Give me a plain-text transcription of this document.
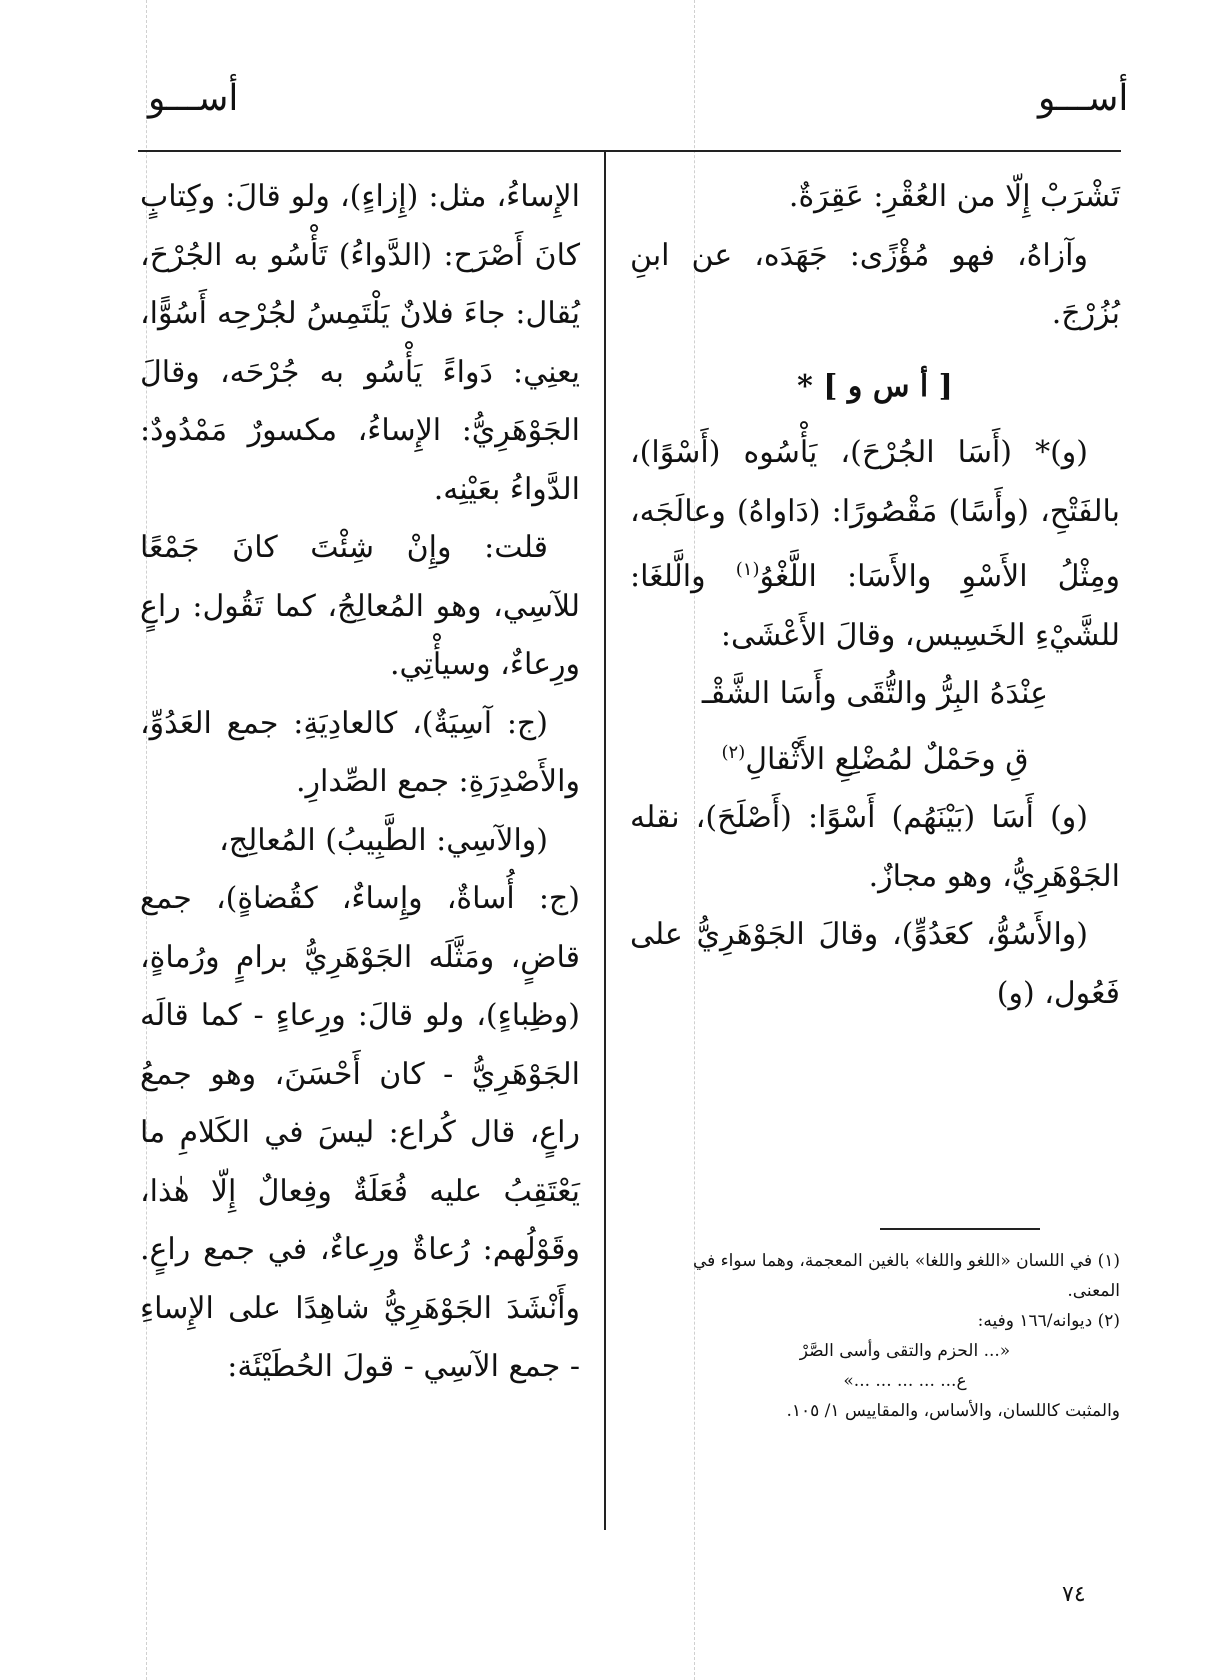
أســـو
أســـو

تَشْرَبْ إِلّا من العُقْرِ: عَقِرَةٌ.

وآزاهُ، فهو مُؤْزًى: جَهَدَه، عن ابنِ بُزُرْجَ.

[ أ س و ] *

(و)* (أَسَا الجُرْحَ)، يَأْسُوه (أَسْوًا)، بالفَتْحِ، (وأَسًا) مَقْصُورًا: (دَاواهُ) وعالَجَه، ومِثْلُ الأَسْوِ والأَسَا: اللَّغْوُ$^{(١)}$ والَّلغَا: للشَّيْءِ الخَسِيس، وقالَ الأَعْشَى:

عِنْدَهُ البِرُّ والتُّقَى وأَسَا الشَّقْـ

قِ وحَمْلٌ لمُضْلِعِ الأَثْقالِ$^{(٢)}$

(و) أَسَا (بَيْنَهُم) أَسْوًا: (أَصْلَحَ)، نقله الجَوْهَرِيُّ، وهو مجازٌ.

(والأَسُوُّ، كعَدُوٍّ)، وقالَ الجَوْهَرِيُّ على فَعُول، (و)

(١) في اللسان «اللغو واللغا» بالغين المعجمة، وهما سواء في المعنى.

(٢) ديوانه/١٦٦ وفيه:

«... الحزم والتقى وأسى الصَّرْ

ع... ... ... ... ...»

والمثبت كاللسان، والأساس، والمقاييس ١/ ١٠٥.

الإِساءُ، مثل: (إِزاءٍ)، ولو قالَ: وكِتابٍ كانَ أَصْرَح: (الدَّواءُ) تَأْسُو به الجُرْحَ، يُقال: جاءَ فلانٌ يَلْتَمِسُ لجُرْحِه أَسُوًّا، يعنِي: دَواءً يَأْسُو به جُرْحَه، وقالَ الجَوْهَرِيُّ: الإِساءُ، مكسورٌ مَمْدُودٌ: الدَّواءُ بعَيْنِه.

قلت: وإِنْ شِئْتَ كانَ جَمْعًا للآسِي، وهو المُعالِجُ، كما تَقُول: راعٍ ورِعاءٌ، وسيأْتِي.

(ج: آسِيَةٌ)، كالعادِيَةِ: جمع العَدُوِّ، والأَصْدِرَةِ: جمع الصِّدارِ.

(والآسِي: الطَّبِيبُ) المُعالِج،

(ج: أُساةٌ، وإِساءٌ، كقُضاةٍ)، جمع قاضٍ، ومَثَّلَه الجَوْهَرِيُّ برامٍ ورُماةٍ، (وظِباءٍ)، ولو قالَ: ورِعاءٍ - كما قالَه الجَوْهَرِيُّ - كان أَحْسَنَ، وهو جمعُ راعٍ، قال كُراع: ليسَ في الكَلامِ ما يَعْتَقِبُ عليه فُعَلَةٌ وفِعالٌ إِلّا هٰذا، وقَوْلُهم: رُعاةٌ ورِعاءٌ، في جمع راعٍ. وأَنْشَدَ الجَوْهَرِيُّ شاهِدًا على الإِساءِ - جمع الآسِي - قولَ الحُطَيْئَة:

٧٤
